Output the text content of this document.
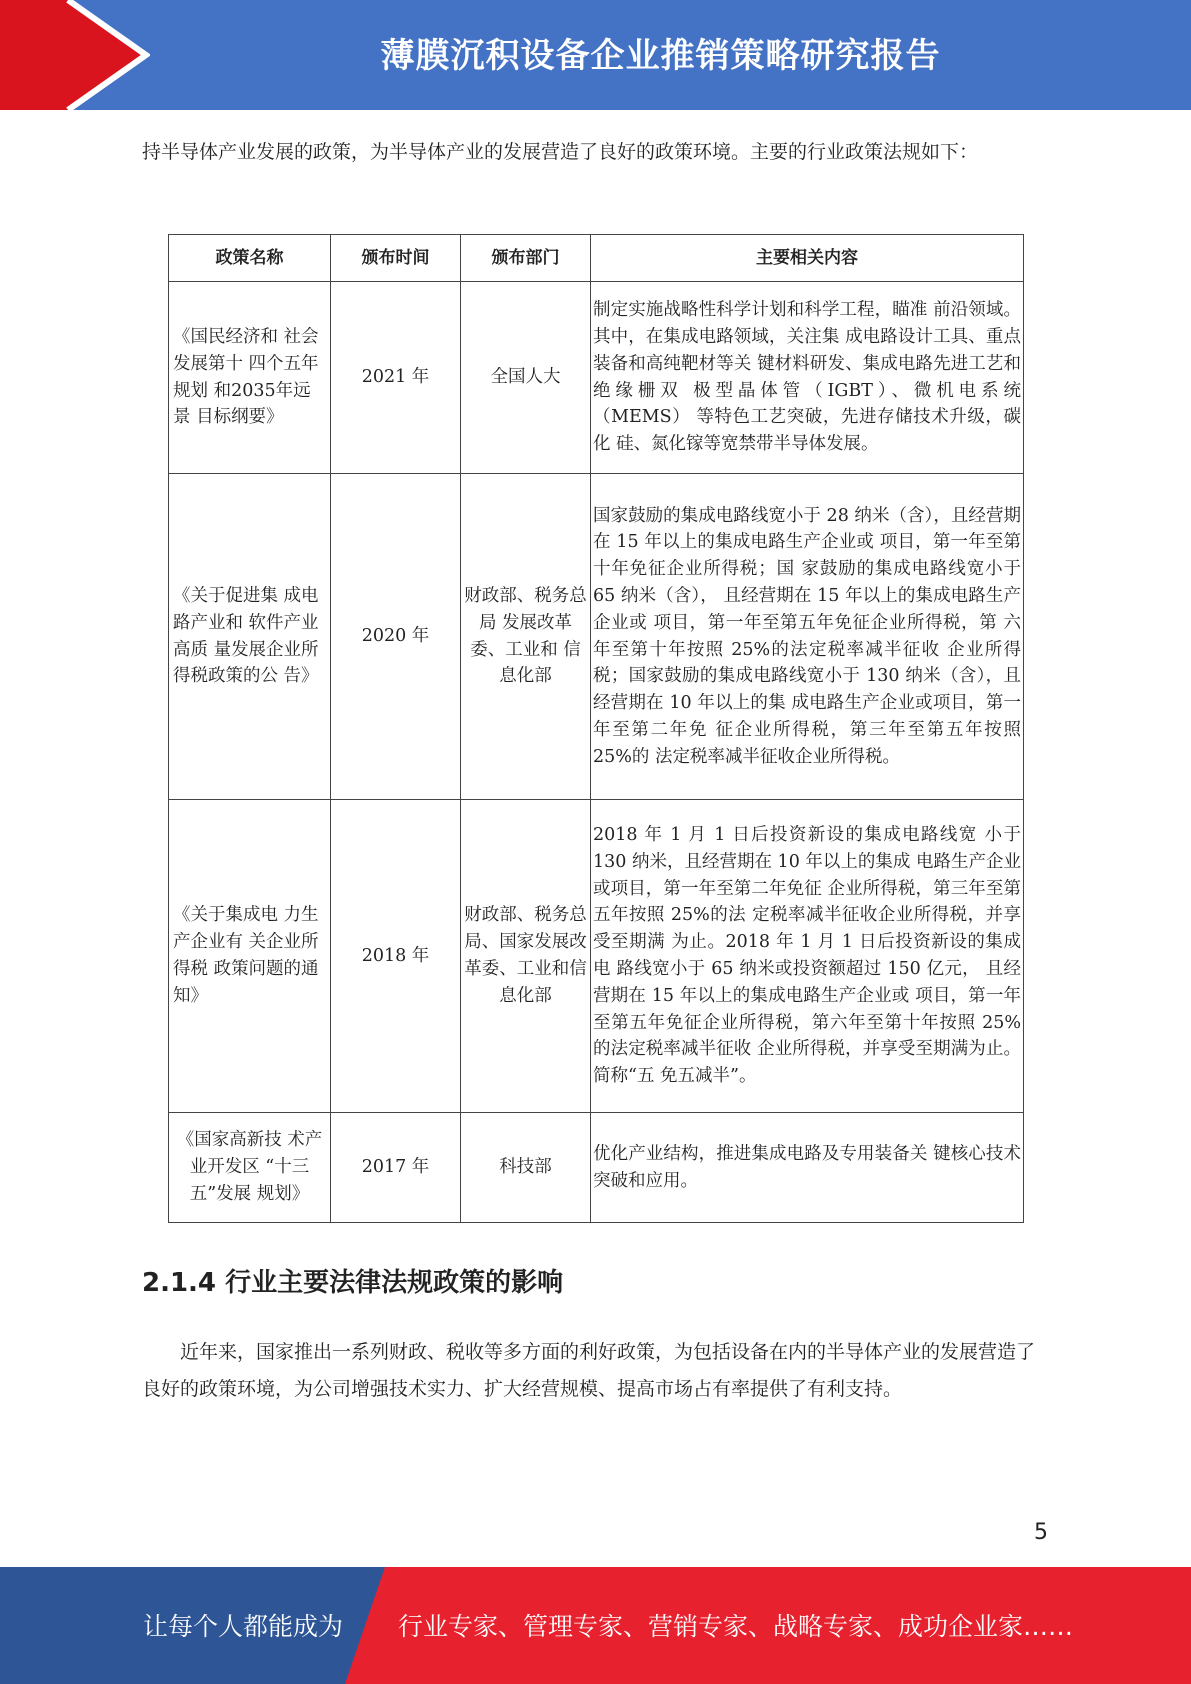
薄膜沉积设备企业推销策略研究报告
持半导体产业发展的政策，为半导体产业的发展营造了良好的政策环境。主要的行业政策法规如下：
政策名称	颁布时间	颁布部门	主要相关内容
《国民经济和 社会发展第十 四个五年规划 和2035年远景 目标纲要》	2021 年	全国人大	制定实施战略性科学计划和科学工程，瞄准 前沿领域。其中，在集成电路领域，关注集 成电路设计工具、重点装备和高纯靶材等关 键材料研发、集成电路先进工艺和绝缘栅双 极型晶体管（IGBT）、微机电系统（MEMS） 等特色工艺突破，先进存储技术升级，碳化 硅、氮化镓等宽禁带半导体发展。
《关于促进集 成电路产业和 软件产业高质 量发展企业所 得税政策的公 告》	2020 年	财政部、税务总局 发展改革 委、工业和 信息化部	国家鼓励的集成电路线宽小于 28 纳米（含），且经营期在 15 年以上的集成电路生产企业或 项目，第一年至第十年免征企业所得税；国 家鼓励的集成电路线宽小于 65 纳米（含）， 且经营期在 15 年以上的集成电路生产企业或 项目，第一年至第五年免征企业所得税，第 六年至第十年按照 25%的法定税率减半征收 企业所得税；国家鼓励的集成电路线宽小于 130 纳米（含），且经营期在 10 年以上的集 成电路生产企业或项目，第一年至第二年免 征企业所得税，第三年至第五年按照 25%的 法定税率减半征收企业所得税。
《关于集成电 力生产企业有 关企业所得税 政策问题的通 知》	2018 年	财政部、税务总局、国家发展改革委、工业和信息化部	2018 年 1 月 1 日后投资新设的集成电路线宽 小于 130 纳米，且经营期在 10 年以上的集成 电路生产企业或项目，第一年至第二年免征 企业所得税，第三年至第五年按照 25%的法 定税率减半征收企业所得税，并享受至期满 为止。2018 年 1 月 1 日后投资新设的集成电 路线宽小于 65 纳米或投资额超过 150 亿元， 且经营期在 15 年以上的集成电路生产企业或 项目，第一年至第五年免征企业所得税，第六年至第十年按照 25%的法定税率减半征收 企业所得税，并享受至期满为止。简称“五 免五减半”。
《国家高新技 术产业开发区 “十三五”发展 规划》	2017 年	科技部	优化产业结构，推进集成电路及专用装备关 键核心技术突破和应用。
2.1.4 行业主要法律法规政策的影响
近年来，国家推出一系列财政、税收等多方面的利好政策，为包括设备在内的半导体产业的发展营造了良好的政策环境，为公司增强技术实力、扩大经营规模、提高市场占有率提供了有利支持。
5
让每个人都能成为 行业专家、管理专家、营销专家、战略专家、成功企业家……
